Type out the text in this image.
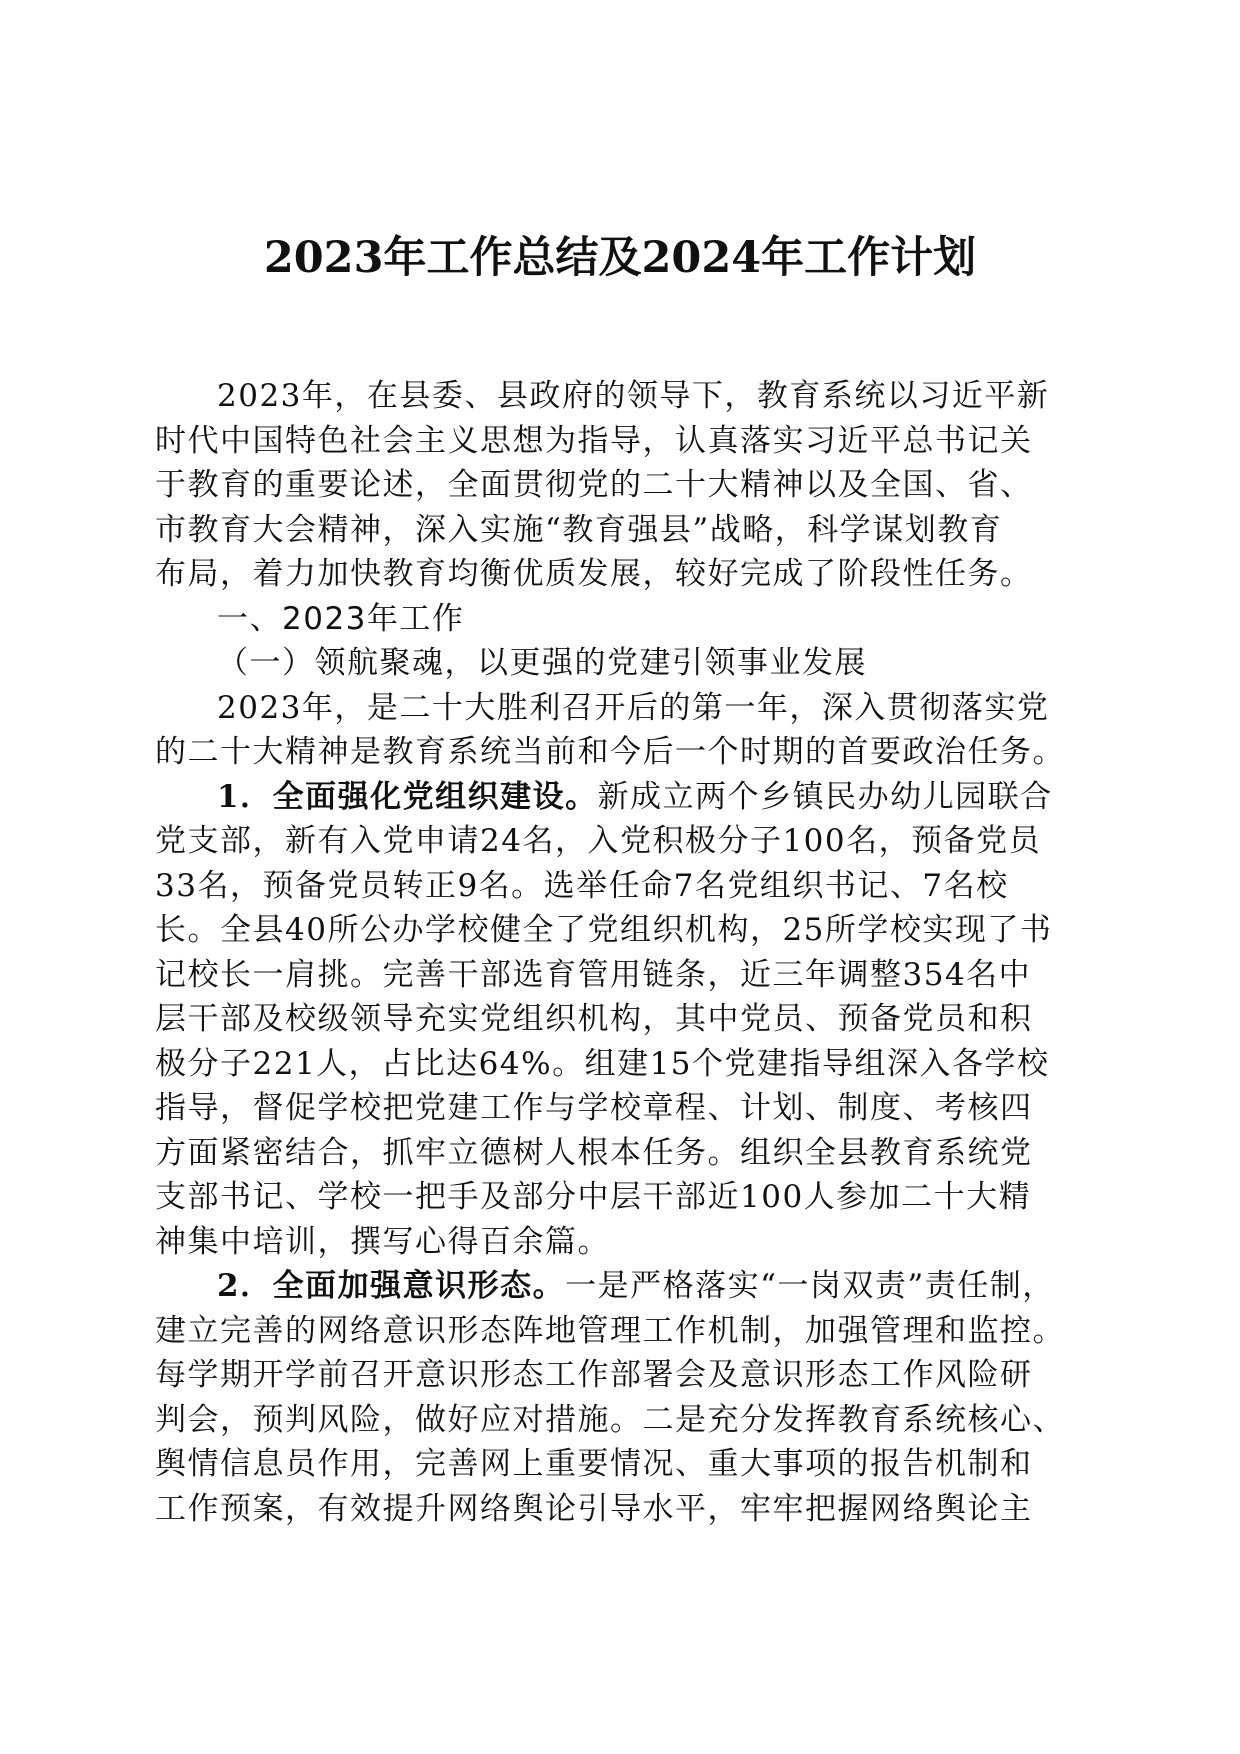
2023年工作总结及2024年工作计划
2023年，在县委、县政府的领导下，教育系统以习近平新
时代中国特色社会主义思想为指导，认真落实习近平总书记关
于教育的重要论述，全面贯彻党的二十大精神以及全国、省、
市教育大会精神，深入实施“教育强县”战略，科学谋划教育
布局，着力加快教育均衡优质发展，较好完成了阶段性任务。
一、2023年工作
（一）领航聚魂，以更强的党建引领事业发展
2023年，是二十大胜利召开后的第一年，深入贯彻落实党
的二十大精神是教育系统当前和今后一个时期的首要政治任务。
1．全面强化党组织建设。新成立两个乡镇民办幼儿园联合
党支部，新有入党申请24名，入党积极分子100名，预备党员
33名，预备党员转正9名。选举任命7名党组织书记、7名校
长。全县40所公办学校健全了党组织机构，25所学校实现了书
记校长一肩挑。完善干部选育管用链条，近三年调整354名中
层干部及校级领导充实党组织机构，其中党员、预备党员和积
极分子221人，占比达64%。组建15个党建指导组深入各学校
指导，督促学校把党建工作与学校章程、计划、制度、考核四
方面紧密结合，抓牢立德树人根本任务。组织全县教育系统党
支部书记、学校一把手及部分中层干部近100人参加二十大精
神集中培训，撰写心得百余篇。
2．全面加强意识形态。一是严格落实“一岗双责”责任制，
建立完善的网络意识形态阵地管理工作机制，加强管理和监控。
每学期开学前召开意识形态工作部署会及意识形态工作风险研
判会，预判风险，做好应对措施。二是充分发挥教育系统核心、
舆情信息员作用，完善网上重要情况、重大事项的报告机制和
工作预案，有效提升网络舆论引导水平，牢牢把握网络舆论主
